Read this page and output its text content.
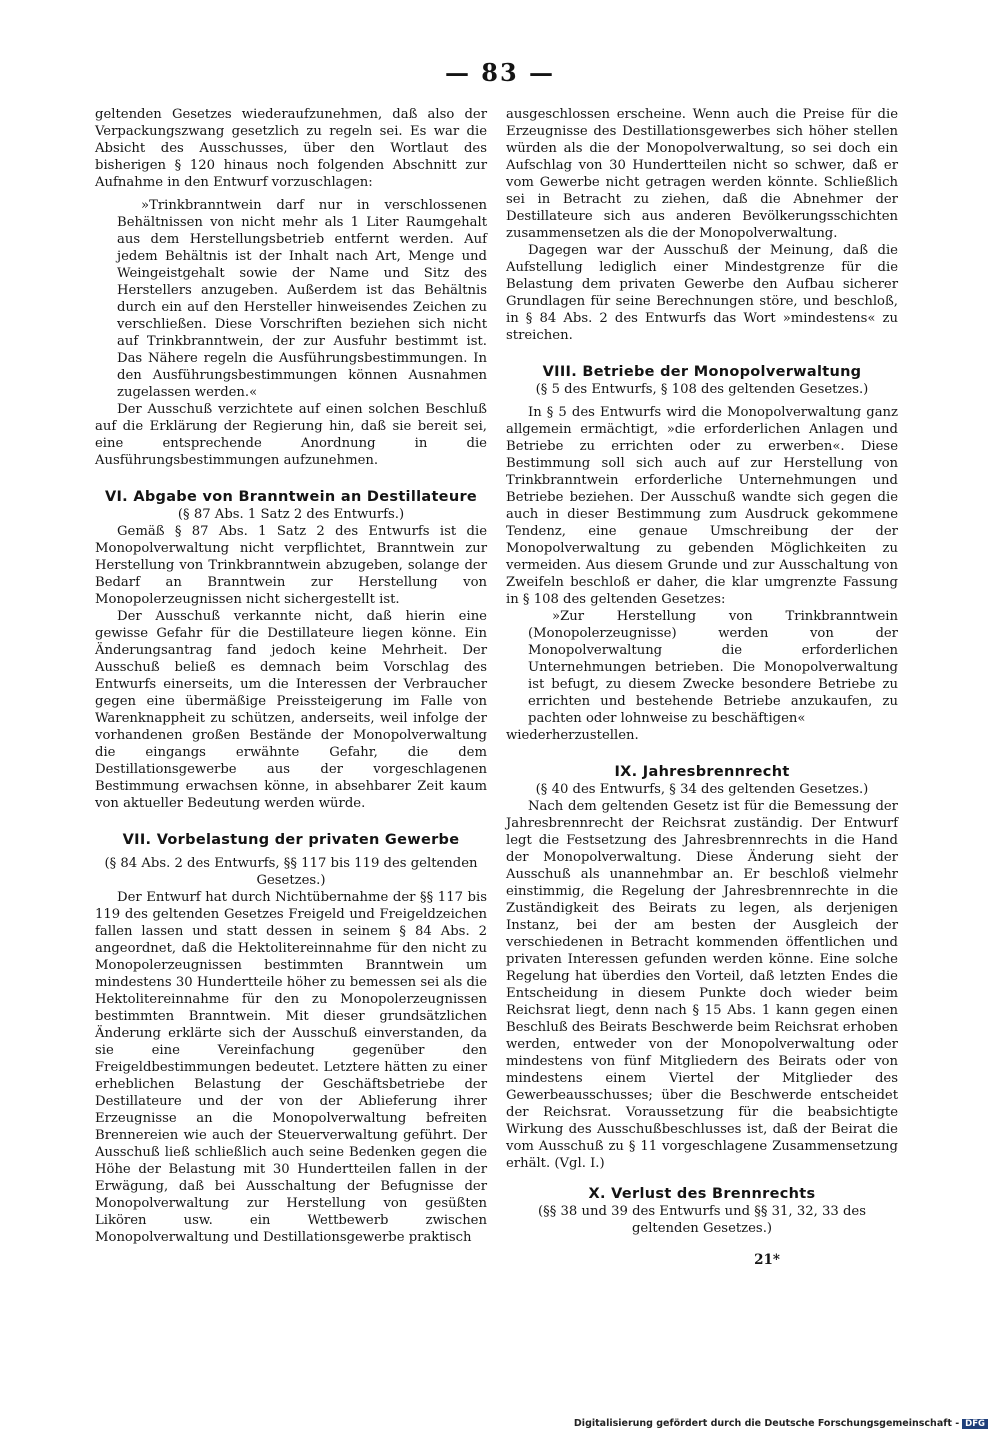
— 83 —

geltenden Gesetzes wiederaufzunehmen, daß also der Verpackungszwang gesetzlich zu regeln sei. Es war die Absicht des Ausschusses, über den Wortlaut des bisherigen § 120 hinaus noch folgenden Abschnitt zur Aufnahme in den Entwurf vorzuschlagen:

»Trinkbranntwein darf nur in verschlossenen Behältnissen von nicht mehr als 1 Liter Raumgehalt aus dem Herstellungsbetrieb entfernt werden. Auf jedem Behältnis ist der Inhalt nach Art, Menge und Weingeistgehalt sowie der Name und Sitz des Herstellers anzugeben. Außerdem ist das Behältnis durch ein auf den Hersteller hinweisendes Zeichen zu verschließen. Diese Vorschriften beziehen sich nicht auf Trinkbranntwein, der zur Ausfuhr bestimmt ist. Das Nähere regeln die Ausführungsbestimmungen. In den Ausführungsbestimmungen können Ausnahmen zugelassen werden.«

Der Ausschuß verzichtete auf einen solchen Beschluß auf die Erklärung der Regierung hin, daß sie bereit sei, eine entsprechende Anordnung in die Ausführungsbestimmungen aufzunehmen.

VI. Abgabe von Branntwein an Destillateure

(§ 87 Abs. 1 Satz 2 des Entwurfs.)

Gemäß § 87 Abs. 1 Satz 2 des Entwurfs ist die Monopolverwaltung nicht verpflichtet, Branntwein zur Herstellung von Trinkbranntwein abzugeben, solange der Bedarf an Branntwein zur Herstellung von Monopolerzeugnissen nicht sichergestellt ist.

Der Ausschuß verkannte nicht, daß hierin eine gewisse Gefahr für die Destillateure liegen könne. Ein Änderungsantrag fand jedoch keine Mehrheit. Der Ausschuß beließ es demnach beim Vorschlag des Entwurfs einerseits, um die Interessen der Verbraucher gegen eine übermäßige Preissteigerung im Falle von Warenknappheit zu schützen, anderseits, weil infolge der vorhandenen großen Bestände der Monopolverwaltung die eingangs erwähnte Gefahr, die dem Destillationsgewerbe aus der vorgeschlagenen Bestimmung erwachsen könne, in absehbarer Zeit kaum von aktueller Bedeutung werden würde.

VII. Vorbelastung der privaten Gewerbe

(§ 84 Abs. 2 des Entwurfs, §§ 117 bis 119 des geltenden Gesetzes.)

Der Entwurf hat durch Nichtübernahme der §§ 117 bis 119 des geltenden Gesetzes Freigeld und Freigeldzeichen fallen lassen und statt dessen in seinem § 84 Abs. 2 angeordnet, daß die Hektolitereinnahme für den nicht zu Monopolerzeugnissen bestimmten Branntwein um mindestens 30 Hundertteile höher zu bemessen sei als die Hektolitereinnahme für den zu Monopolerzeugnissen bestimmten Branntwein. Mit dieser grundsätzlichen Änderung erklärte sich der Ausschuß einverstanden, da sie eine Vereinfachung gegenüber den Freigeldbestimmungen bedeutet. Letztere hätten zu einer erheblichen Belastung der Geschäftsbetriebe der Destillateure und der von der Ablieferung ihrer Erzeugnisse an die Monopolverwaltung befreiten Brennereien wie auch der Steuerverwaltung geführt. Der Ausschuß ließ schließlich auch seine Bedenken gegen die Höhe der Belastung mit 30 Hundertteilen fallen in der Erwägung, daß bei Ausschaltung der Befugnisse der Monopolverwaltung zur Herstellung von gesüßten Likören usw. ein Wettbewerb zwischen Monopolverwaltung und Destillationsgewerbe praktisch

ausgeschlossen erscheine. Wenn auch die Preise für die Erzeugnisse des Destillationsgewerbes sich höher stellen würden als die der Monopolverwaltung, so sei doch ein Aufschlag von 30 Hundertteilen nicht so schwer, daß er vom Gewerbe nicht getragen werden könnte. Schließlich sei in Betracht zu ziehen, daß die Abnehmer der Destillateure sich aus anderen Bevölkerungsschichten zusammensetzen als die der Monopolverwaltung.

Dagegen war der Ausschuß der Meinung, daß die Aufstellung lediglich einer Mindestgrenze für die Belastung dem privaten Gewerbe den Aufbau sicherer Grundlagen für seine Berechnungen störe, und beschloß, in § 84 Abs. 2 des Entwurfs das Wort »mindestens« zu streichen.

VIII. Betriebe der Monopolverwaltung

(§ 5 des Entwurfs, § 108 des geltenden Gesetzes.)

In § 5 des Entwurfs wird die Monopolverwaltung ganz allgemein ermächtigt, »die erforderlichen Anlagen und Betriebe zu errichten oder zu erwerben«. Diese Bestimmung soll sich auch auf zur Herstellung von Trinkbranntwein erforderliche Unternehmungen und Betriebe beziehen. Der Ausschuß wandte sich gegen die auch in dieser Bestimmung zum Ausdruck gekommene Tendenz, eine genaue Umschreibung der der Monopolverwaltung zu gebenden Möglichkeiten zu vermeiden. Aus diesem Grunde und zur Ausschaltung von Zweifeln beschloß er daher, die klar umgrenzte Fassung in § 108 des geltenden Gesetzes:

»Zur Herstellung von Trinkbranntwein (Monopolerzeugnisse) werden von der Monopolverwaltung die erforderlichen Unternehmungen betrieben. Die Monopolverwaltung ist befugt, zu diesem Zwecke besondere Betriebe zu errichten und bestehende Betriebe anzukaufen, zu pachten oder lohnweise zu beschäftigen«

wiederherzustellen.

IX. Jahresbrennrecht

(§ 40 des Entwurfs, § 34 des geltenden Gesetzes.)

Nach dem geltenden Gesetz ist für die Bemessung der Jahresbrennrecht der Reichsrat zuständig. Der Entwurf legt die Festsetzung des Jahresbrennrechts in die Hand der Monopolverwaltung. Diese Änderung sieht der Ausschuß als unannehmbar an. Er beschloß vielmehr einstimmig, die Regelung der Jahresbrennrechte in die Zuständigkeit des Beirats zu legen, als derjenigen Instanz, bei der am besten der Ausgleich der verschiedenen in Betracht kommenden öffentlichen und privaten Interessen gefunden werden könne. Eine solche Regelung hat überdies den Vorteil, daß letzten Endes die Entscheidung in diesem Punkte doch wieder beim Reichsrat liegt, denn nach § 15 Abs. 1 kann gegen einen Beschluß des Beirats Beschwerde beim Reichsrat erhoben werden, entweder von der Monopolverwaltung oder mindestens von fünf Mitgliedern des Beirats oder von mindestens einem Viertel der Mitglieder des Gewerbeausschusses; über die Beschwerde entscheidet der Reichsrat. Voraussetzung für die beabsichtigte Wirkung des Ausschußbeschlusses ist, daß der Beirat die vom Ausschuß zu § 11 vorgeschlagene Zusammensetzung erhält. (Vgl. I.)

X. Verlust des Brennrechts

(§§ 38 und 39 des Entwurfs und §§ 31, 32, 33 des geltenden Gesetzes.)

21*

Digitalisierung gefördert durch die Deutsche Forschungsgemeinschaft - DFG
